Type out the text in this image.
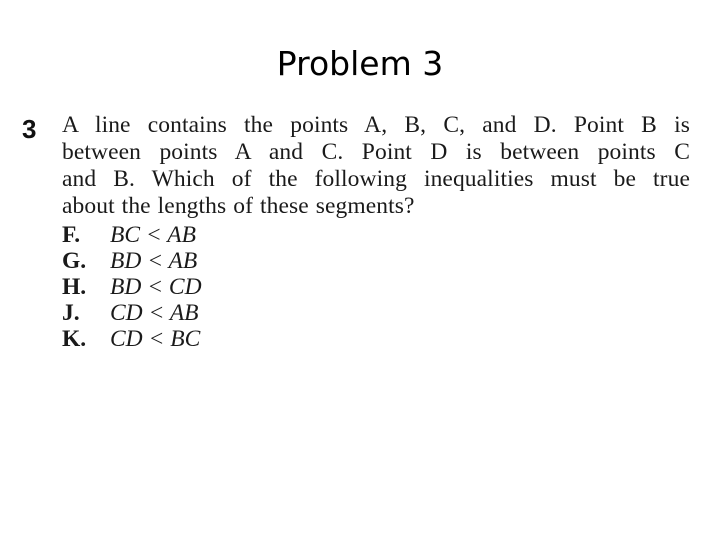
Problem 3
3 A line contains the points A, B, C, and D. Point B is
between points A and C. Point D is between points C
and B. Which of the following inequalities must be true
about the lengths of these segments?
F.	BC < AB
G.	BD < AB
H.	BD < CD
J.	CD < AB
K.	CD < BC
